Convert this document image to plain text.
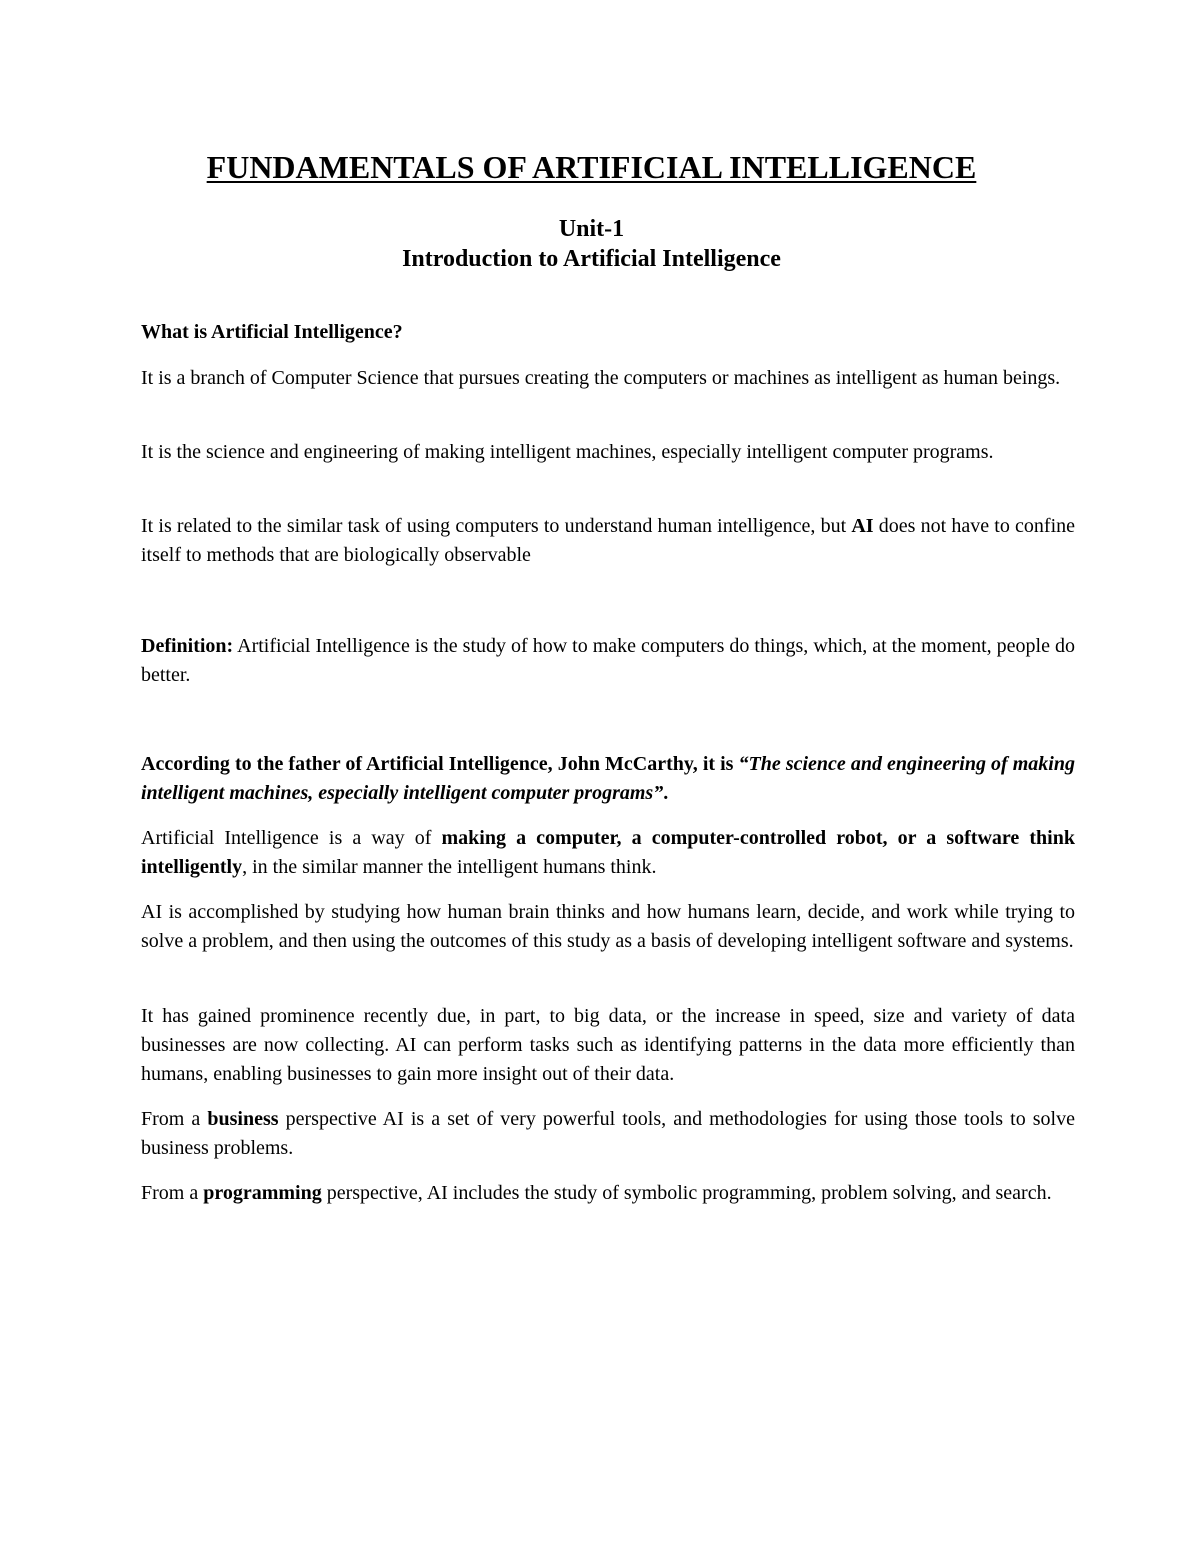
FUNDAMENTALS OF ARTIFICIAL INTELLIGENCE
Unit-1
Introduction to Artificial Intelligence
What is Artificial Intelligence?

It is a branch of Computer Science that pursues creating the computers or machines as intelligent as human beings.

It is the science and engineering of making intelligent machines, especially intelligent computer programs.

It is related to the similar task of using computers to understand human intelligence, but AI does not have to confine itself to methods that are biologically observable

Definition: Artificial Intelligence is the study of how to make computers do things, which, at the moment, people do better.

According to the father of Artificial Intelligence, John McCarthy, it is “The science and engineering of making intelligent machines, especially intelligent computer programs”.

Artificial Intelligence is a way of making a computer, a computer-controlled robot, or a software think intelligently, in the similar manner the intelligent humans think.

AI is accomplished by studying how human brain thinks and how humans learn, decide, and work while trying to solve a problem, and then using the outcomes of this study as a basis of developing intelligent software and systems.

It has gained prominence recently due, in part, to big data, or the increase in speed, size and variety of data businesses are now collecting. AI can perform tasks such as identifying patterns in the data more efficiently than humans, enabling businesses to gain more insight out of their data.

From a business perspective AI is a set of very powerful tools, and methodologies for using those tools to solve business problems.

From a programming perspective, AI includes the study of symbolic programming, problem solving, and search.
